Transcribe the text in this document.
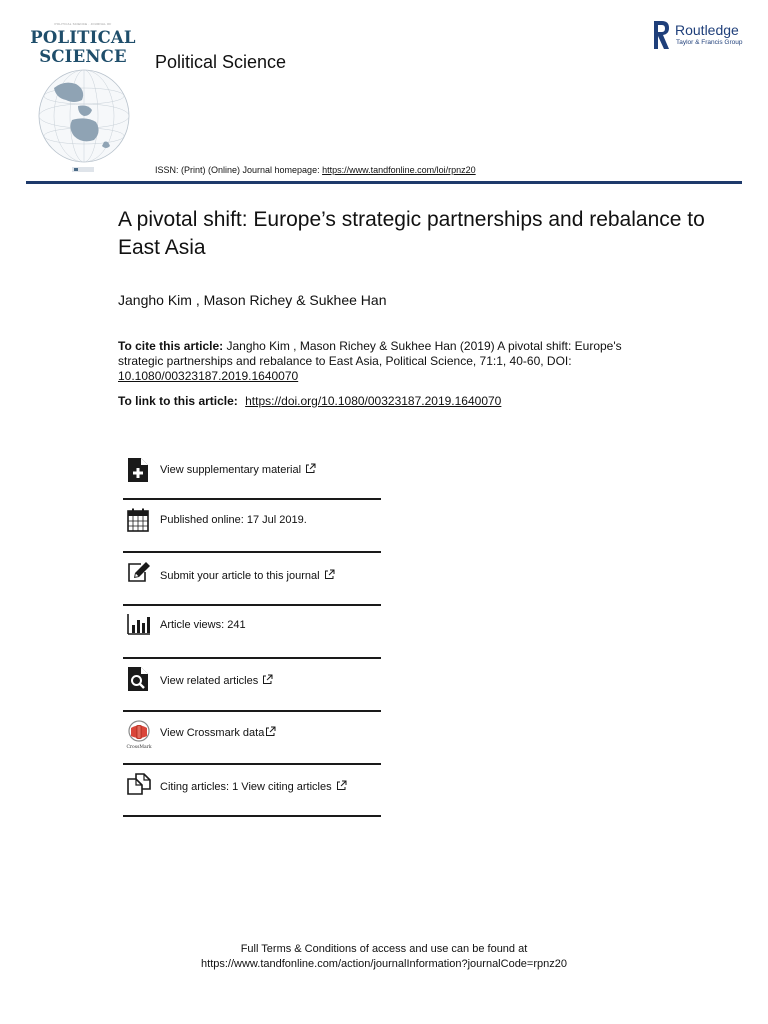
POLITICAL SCIENCE · JOURNAL OF
POLITICAL
SCIENCE	Political Science
Routledge
Taylor & Francis Group
ISSN: (Print) (Online) Journal homepage: https://www.tandfonline.com/loi/rpnz20
A pivotal shift: Europe’s strategic partnerships and rebalance to East Asia
Jangho Kim , Mason Richey & Sukhee Han
To cite this article: Jangho Kim , Mason Richey & Sukhee Han (2019) A pivotal shift: Europe's strategic partnerships and rebalance to East Asia, Political Science, 71:1, 40-60, DOI: 10.1080/00323187.2019.1640070
To link to this article: https://doi.org/10.1080/00323187.2019.1640070
View supplementary material
Published online: 17 Jul 2019.
Submit your article to this journal
Article views: 241
View related articles
CrossMark
View Crossmark data
Citing articles: 1 View citing articles
Full Terms & Conditions of access and use can be found at
https://www.tandfonline.com/action/journalInformation?journalCode=rpnz20
